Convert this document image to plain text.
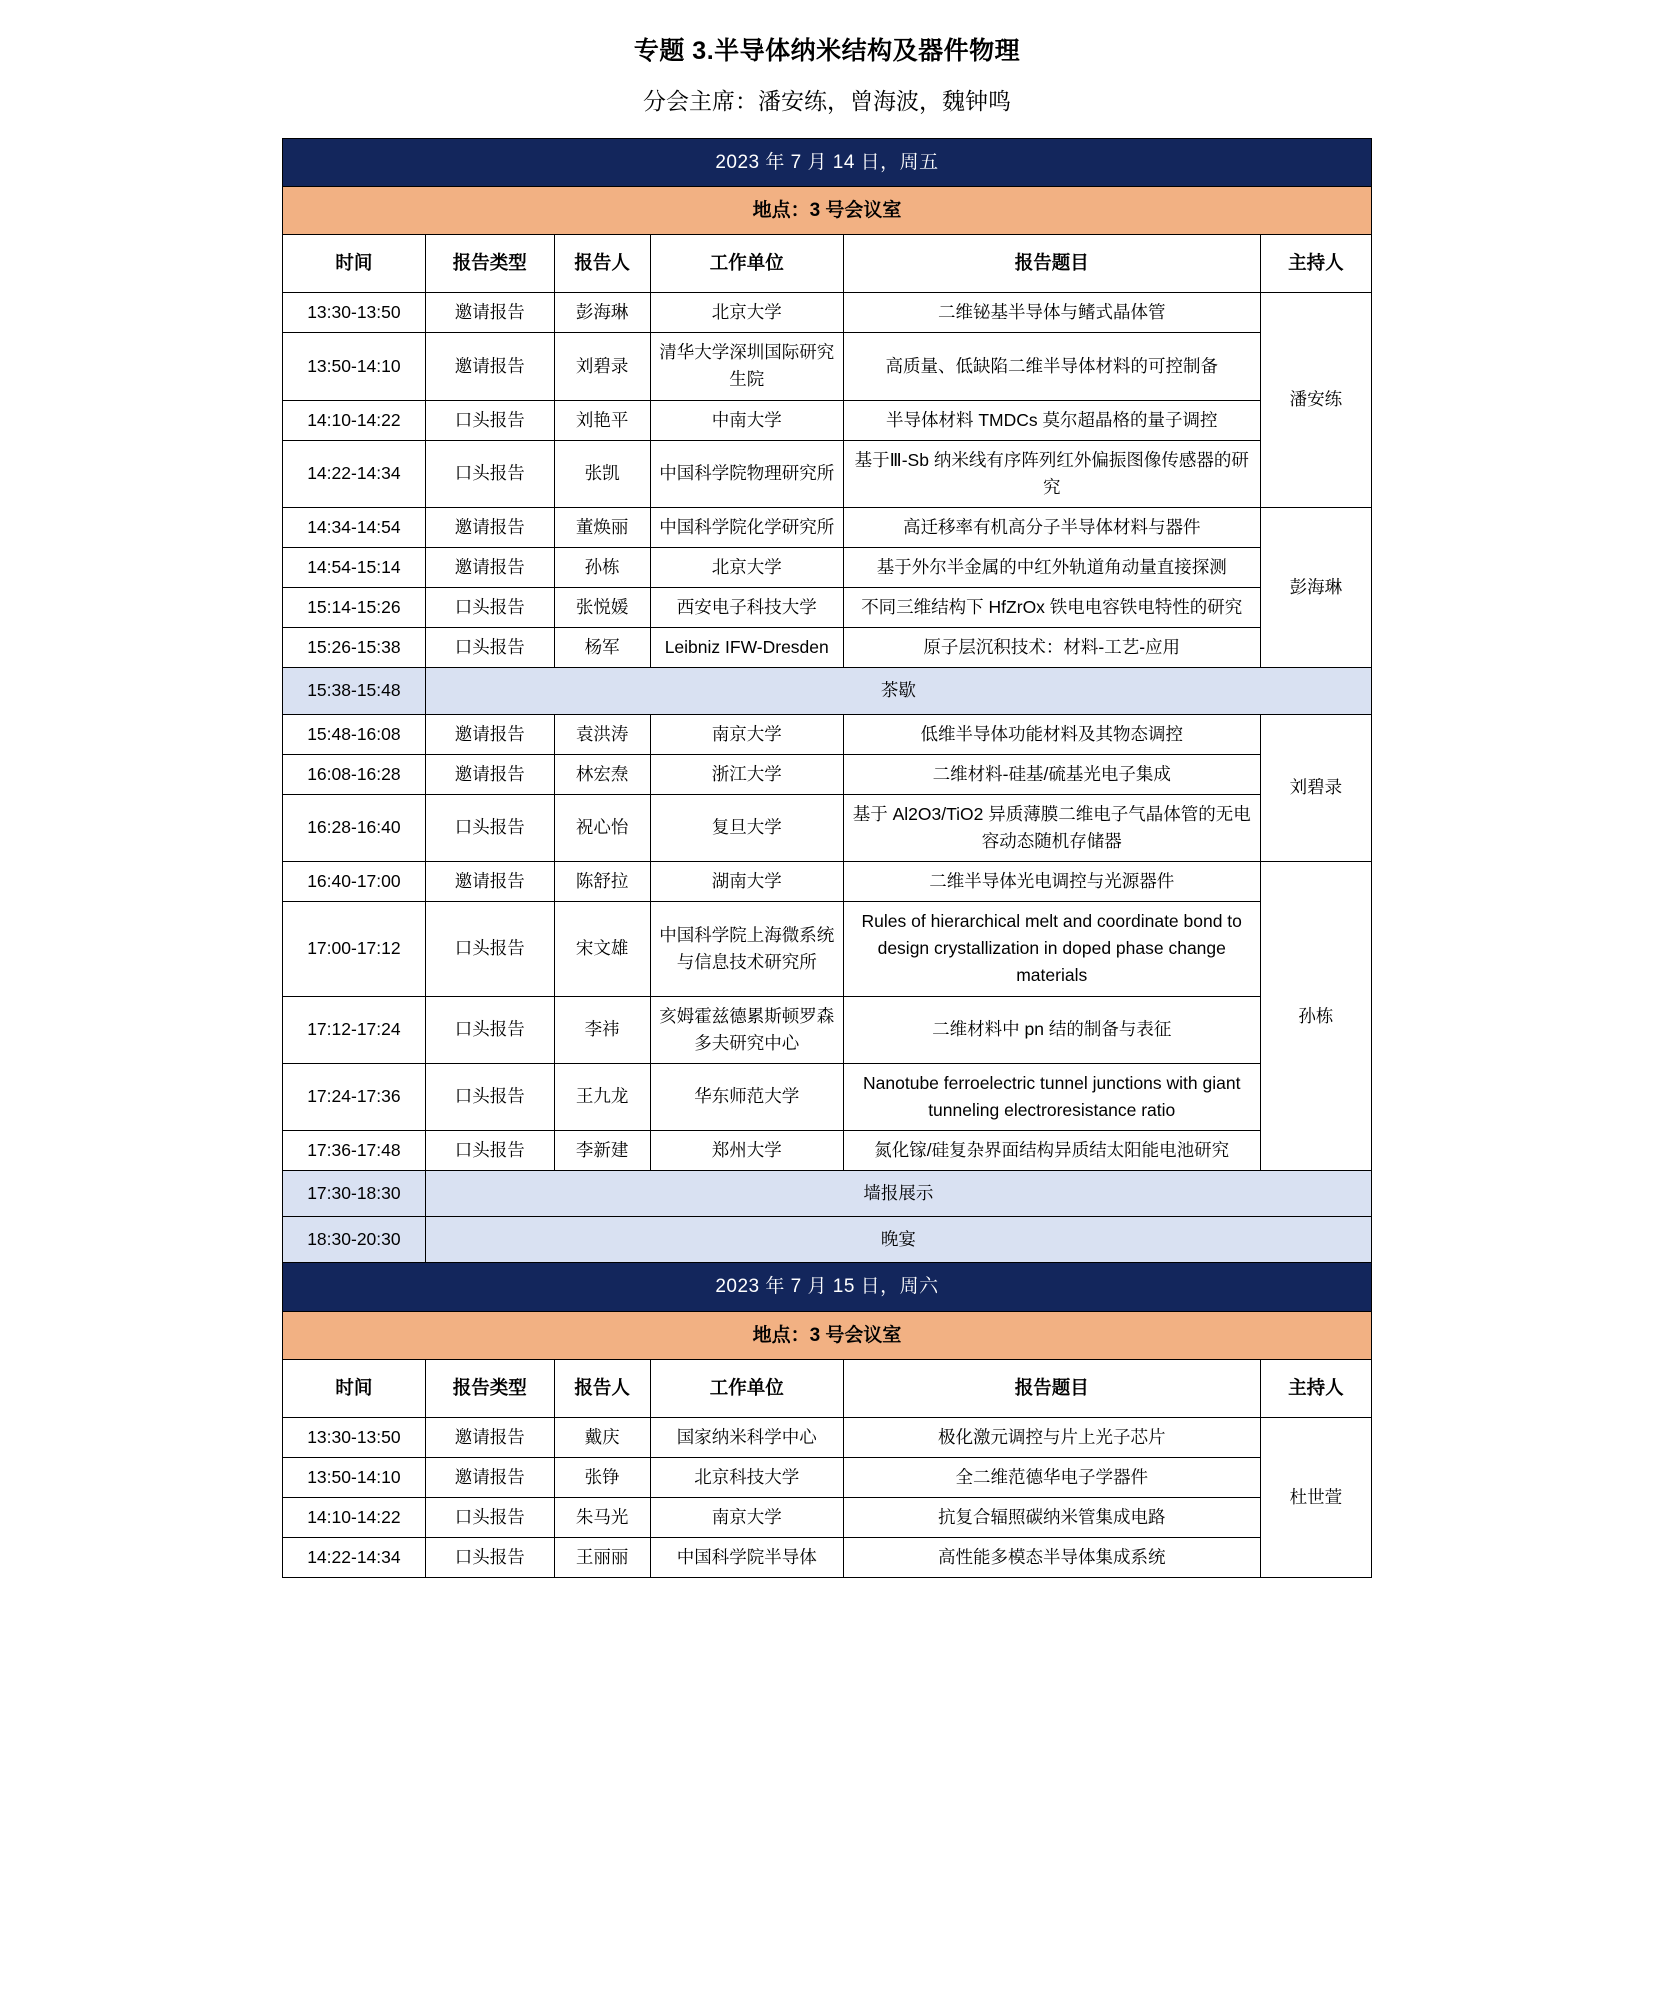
专题 3.半导体纳米结构及器件物理
分会主席：潘安练，曾海波，魏钟鸣
2023 年 7 月 14 日，周五					
地点：3 号会议室					
时间	报告类型	报告人	工作单位	报告题目	主持人
13:30-13:50	邀请报告	彭海琳	北京大学	二维铋基半导体与鳍式晶体管	潘安练
13:50-14:10	邀请报告	刘碧录	清华大学深圳国际研究生院	高质量、低缺陷二维半导体材料的可控制备	
14:10-14:22	口头报告	刘艳平	中南大学	半导体材料 TMDCs 莫尔超晶格的量子调控	
14:22-14:34	口头报告	张凯	中国科学院物理研究所	基于Ⅲ-Sb 纳米线有序阵列红外偏振图像传感器的研究	
14:34-14:54	邀请报告	董焕丽	中国科学院化学研究所	高迁移率有机高分子半导体材料与器件	彭海琳
14:54-15:14	邀请报告	孙栋	北京大学	基于外尔半金属的中红外轨道角动量直接探测	
15:14-15:26	口头报告	张悦媛	西安电子科技大学	不同三维结构下 HfZrOx 铁电电容铁电特性的研究	
15:26-15:38	口头报告	杨军	Leibniz IFW-Dresden	原子层沉积技术：材料-工艺-应用	
15:38-15:48	茶歇				
15:48-16:08	邀请报告	袁洪涛	南京大学	低维半导体功能材料及其物态调控	刘碧录
16:08-16:28	邀请报告	林宏焘	浙江大学	二维材料-硅基/硫基光电子集成	
16:28-16:40	口头报告	祝心怡	复旦大学	基于 Al2O3/TiO2 异质薄膜二维电子气晶体管的无电容动态随机存储器	
16:40-17:00	邀请报告	陈舒拉	湖南大学	二维半导体光电调控与光源器件	孙栋
17:00-17:12	口头报告	宋文雄	中国科学院上海微系统与信息技术研究所	Rules of hierarchical melt and coordinate bond to design crystallization in doped phase change materials	
17:12-17:24	口头报告	李祎	亥姆霍兹德累斯顿罗森多夫研究中心	二维材料中 pn 结的制备与表征	
17:24-17:36	口头报告	王九龙	华东师范大学	Nanotube ferroelectric tunnel junctions with giant tunneling electroresistance ratio	
17:36-17:48	口头报告	李新建	郑州大学	氮化镓/硅复杂界面结构异质结太阳能电池研究	
17:30-18:30	墙报展示				
18:30-20:30	晚宴				
2023 年 7 月 15 日，周六					
地点：3 号会议室					
时间	报告类型	报告人	工作单位	报告题目	主持人
13:30-13:50	邀请报告	戴庆	国家纳米科学中心	极化激元调控与片上光子芯片	杜世萱
13:50-14:10	邀请报告	张铮	北京科技大学	全二维范德华电子学器件	
14:10-14:22	口头报告	朱马光	南京大学	抗复合辐照碳纳米管集成电路	
14:22-14:34	口头报告	王丽丽	中国科学院半导体	高性能多模态半导体集成系统	
